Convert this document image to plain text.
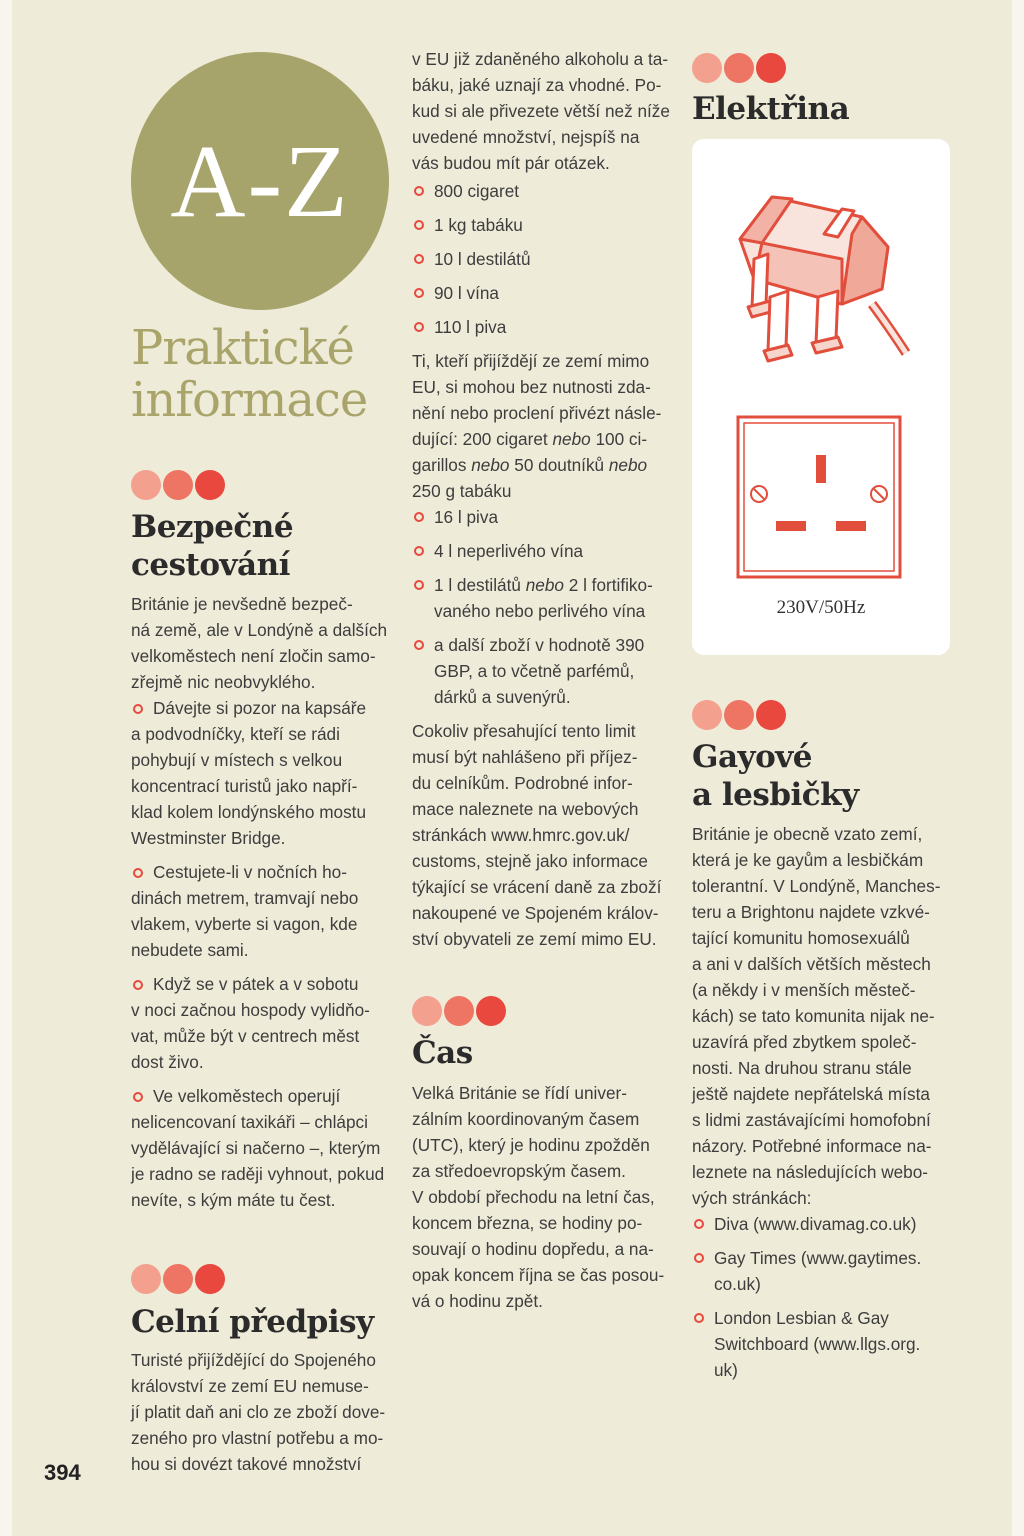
A-Z
Praktické
informace
Bezpečné
cestování
Británie je nevšedně bezpeč-
ná země, ale v Londýně a dalších
velkoměstech není zločin samo-
zřejmě nic neobvyklého.
Dávejte si pozor na kapsáře
a podvodníčky, kteří se rádi
pohybují v místech s velkou
koncentrací turistů jako napří-
klad kolem londýnského mostu
Westminster Bridge.
Cestujete-li v nočních ho-
dinách metrem, tramvají nebo
vlakem, vyberte si vagon, kde
nebudete sami.
Když se v pátek a v sobotu
v noci začnou hospody vylidňo-
vat, může být v centrech měst
dost živo.
Ve velkoměstech operují
nelicencovaní taxikáři – chlápci
vydělávající si načerno –, kterým
je radno se raději vyhnout, pokud
nevíte, s kým máte tu čest.
Celní předpisy
Turisté přijíždějící do Spojeného
království ze zemí EU nemuse-
jí platit daň ani clo ze zboží dove-
zeného pro vlastní potřebu a mo-
hou si dovézt takové množství
394
v EU již zdaněného alkoholu a ta-
báku, jaké uznají za vhodné. Po-
kud si ale přivezete větší než níže
uvedené množství, nejspíš na
vás budou mít pár otázek.
800 cigaret
1 kg tabáku
10 l destilátů
90 l vína
110 l piva
Ti, kteří přijíždějí ze zemí mimo
EU, si mohou bez nutnosti zda-
nění nebo proclení přivézt násle-
dující: 200 cigaret nebo 100 ci-
garillos nebo 50 doutníků nebo
250 g tabáku
16 l piva
4 l neperlivého vína
1 l destilátů nebo 2 l fortifiko-
vaného nebo perlivého vína
a další zboží v hodnotě 390
GBP, a to včetně parfémů,
dárků a suvenýrů.
Cokoliv přesahující tento limit
musí být nahlášeno při příjez-
du celníkům. Podrobné infor-
mace naleznete na webových
stránkách www.hmrc.gov.uk/
customs, stejně jako informace
týkající se vrácení daně za zboží
nakoupené ve Spojeném králov-
ství obyvateli ze zemí mimo EU.
Čas
Velká Británie se řídí univer-
zálním koordinovaným časem
(UTC), který je hodinu zpožděn
za středoevropským časem.
V období přechodu na letní čas,
koncem března, se hodiny po-
souvají o hodinu dopředu, a na-
opak koncem října se čas posou-
vá o hodinu zpět.
Elektřina
230V/50Hz
Gayové
a lesbičky
Británie je obecně vzato zemí,
která je ke gayům a lesbičkám
tolerantní. V Londýně, Manches-
teru a Brightonu najdete vzkvé-
tající komunitu homosexuálů
a ani v dalších větších městech
(a někdy i v menších městeč-
kách) se tato komunita nijak ne-
uzavírá před zbytkem společ-
nosti. Na druhou stranu stále
ještě najdete nepřátelská místa
s lidmi zastávajícími homofobní
názory. Potřebné informace na-
leznete na následujících webo-
vých stránkách:
Diva (www.divamag.co.uk)
Gay Times (www.gaytimes.
co.uk)
London Lesbian & Gay
Switchboard (www.llgs.org.
uk)
